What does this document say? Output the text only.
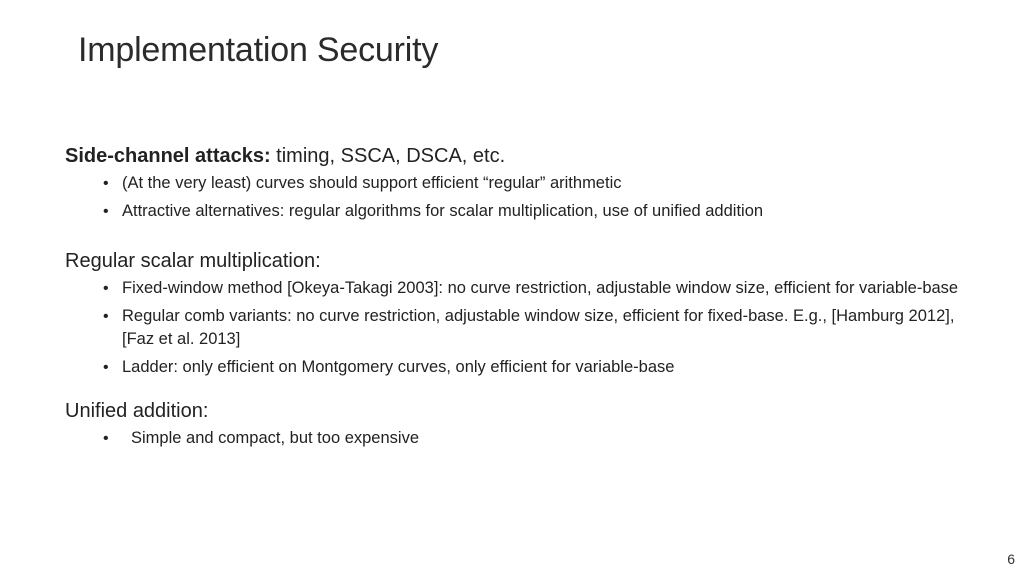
Implementation Security

Side-channel attacks: timing, SSCA, DSCA, etc.

• (At the very least) curves should support efficient “regular” arithmetic
• Attractive alternatives: regular algorithms for scalar multiplication, use of unified addition

Regular scalar multiplication:

• Fixed-window method [Okeya-Takagi 2003]: no curve restriction, adjustable window size, efficient for variable-base
• Regular comb variants: no curve restriction, adjustable window size, efficient for fixed-base. E.g., [Hamburg 2012], [Faz et al. 2013]
• Ladder: only efficient on Montgomery curves, only efficient for variable-base

Unified addition:

•	Simple and compact, but too expensive
6
